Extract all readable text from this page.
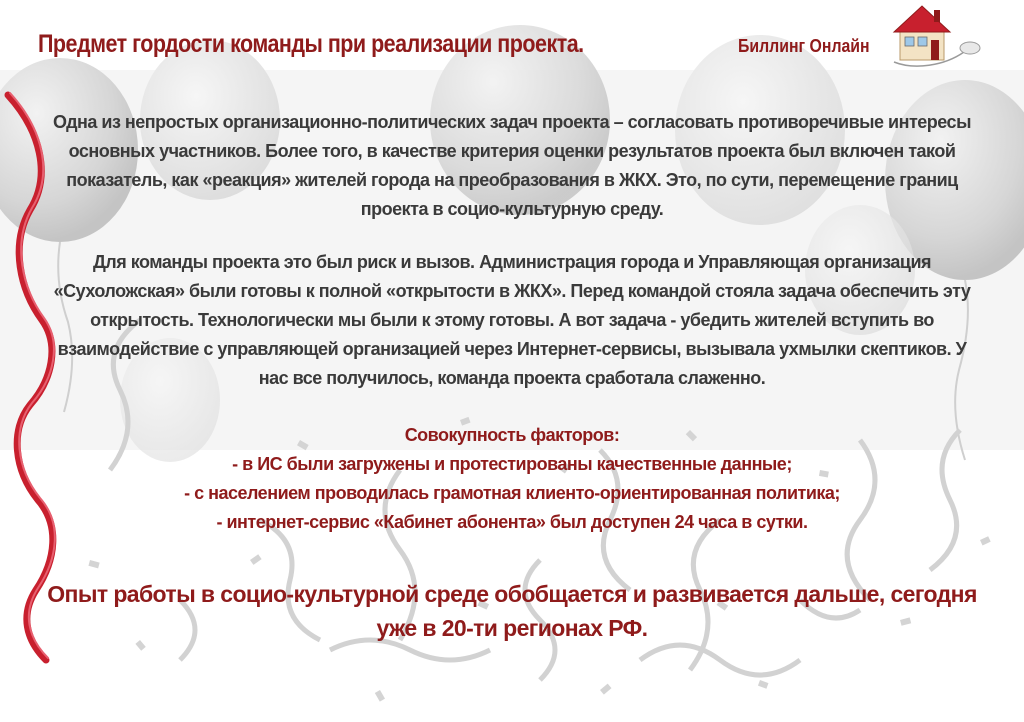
Предмет гордости команды при реализации проекта.	Биллинг Онлайн

Одна из непростых организационно-политических задач проекта – согласовать противоречивые интересы
основных участников. Более того, в качестве критерия оценки результатов проекта был включен такой
показатель, как «реакция» жителей города на преобразования в ЖКХ. Это, по сути, перемещение границ
проекта в социо-культурную среду.

Для команды проекта это был риск и вызов. Администрация города и Управляющая организация
«Сухоложская» были готовы к полной «открытости в ЖКХ». Перед командой стояла задача обеспечить эту
открытость. Технологически мы были к этому готовы. А вот задача - убедить жителей вступить во
взаимодействие с управляющей организацией через Интернет-сервисы, вызывала ухмылки скептиков. У
нас все получилось, команда проекта сработала слаженно.

Совокупность факторов:
- в ИС были загружены и протестированы качественные данные;
- с населением проводилась грамотная клиенто-ориентированная политика;
- интернет-сервис «Кабинет абонента» был доступен 24 часа в сутки.
Опыт работы в социо-культурной среде обобщается и развивается дальше, сегодня
уже в 20-ти регионах РФ.
